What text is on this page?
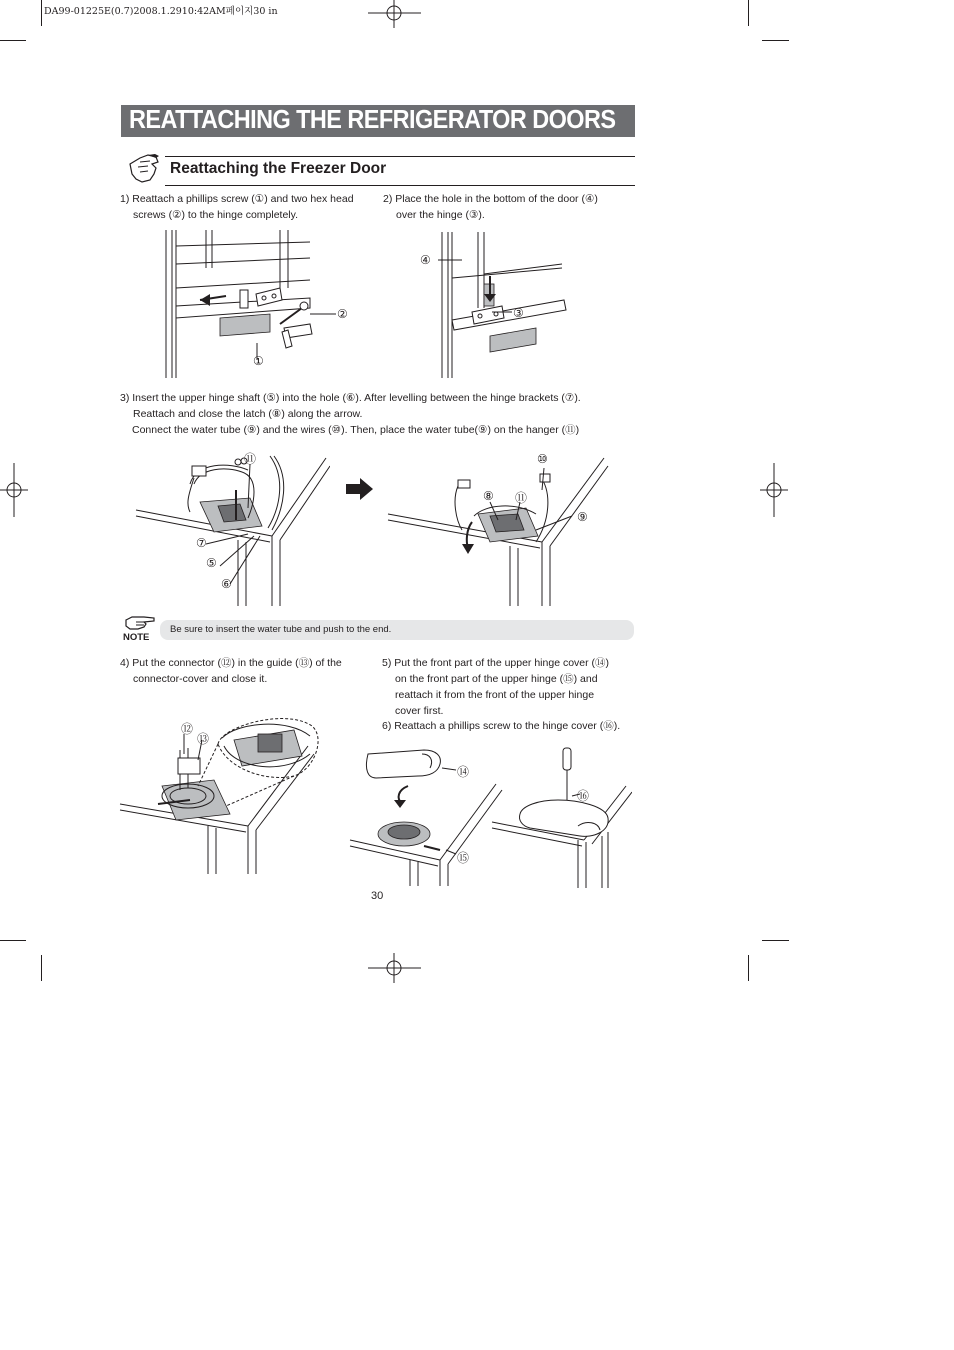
DA99-01225E(0.7)2008.1.2910:42AM페이지30 in
REATTACHING THE REFRIGERATOR DOORS
Reattaching the Freezer Door
1) Reattach a phillips screw (①) and two hex head
screws (②) to the hinge completely.
2) Place the hole in the bottom of the door (④)
over the hinge (③).
②
①
④
③
3) Insert the upper hinge shaft (⑤) into the hole (⑥). After levelling between the hinge brackets (⑦).
Reattach and close the latch (⑧) along the arrow.
Connect the water tube (⑨) and the wires (⑩). Then, place the water tube(⑨) on the hanger (⑪)
⑪
⑦
⑤
⑥
⑩
⑧ ⑪
⑨
NOTE
Be sure to insert the water tube and push to the end.
4) Put the connector (⑫) in the guide (⑬) of the
connector-cover and close it.
5) Put the front part of the upper hinge cover (⑭)
on the front part of the upper hinge (⑮) and
reattach it from the front of the upper hinge
cover first.
6) Reattach a phillips screw to the hinge cover (⑯).
⑫
⑬
⑭
⑮
⑯
30
